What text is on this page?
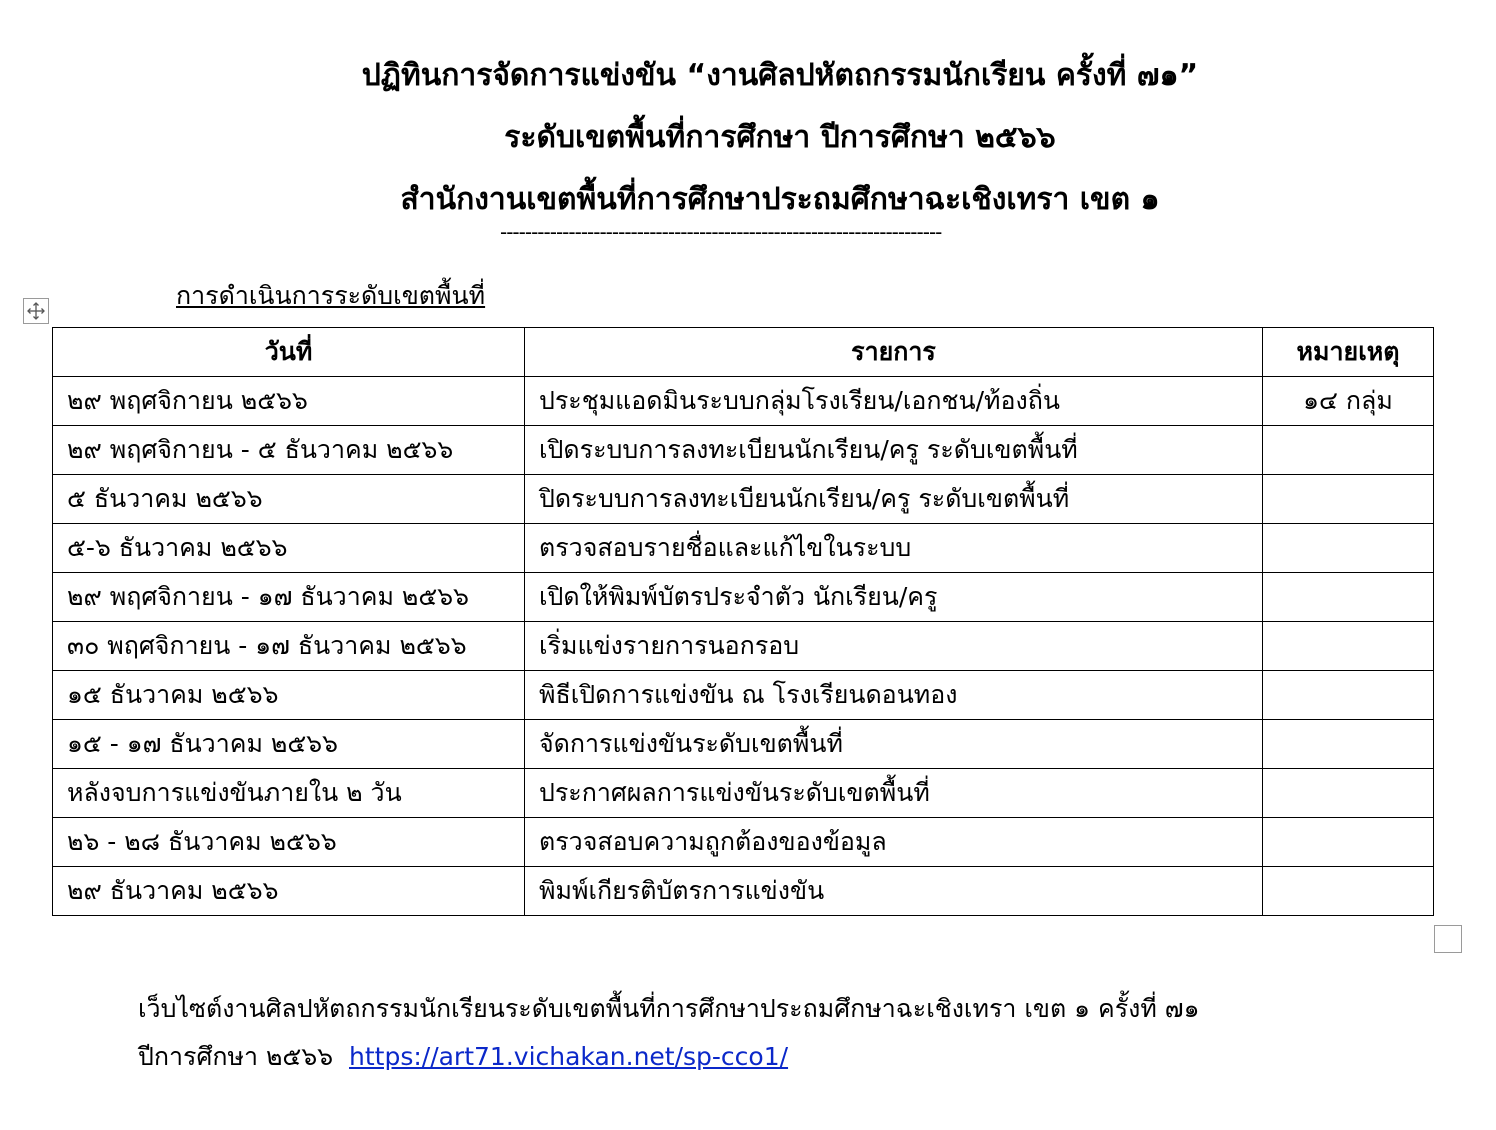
ปฏิทินการจัดการแข่งขัน “งานศิลปหัตถกรรมนักเรียน ครั้งที่ ๗๑”
ระดับเขตพื้นที่การศึกษา ปีการศึกษา ๒๕๖๖
สำนักงานเขตพื้นที่การศึกษาประถมศึกษาฉะเชิงเทรา เขต ๑
-----------------------------------------------------------------------
การดำเนินการระดับเขตพื้นที่
วันที่	รายการ	หมายเหตุ
๒๙ พฤศจิกายน ๒๕๖๖	ประชุมแอดมินระบบกลุ่มโรงเรียน/เอกชน/ท้องถิ่น	๑๔ กลุ่ม
๒๙ พฤศจิกายน - ๕ ธันวาคม ๒๕๖๖	เปิดระบบการลงทะเบียนนักเรียน/ครู ระดับเขตพื้นที่	
๕ ธันวาคม ๒๕๖๖	ปิดระบบการลงทะเบียนนักเรียน/ครู ระดับเขตพื้นที่	
๕-๖ ธันวาคม ๒๕๖๖	ตรวจสอบรายชื่อและแก้ไขในระบบ	
๒๙ พฤศจิกายน - ๑๗ ธันวาคม ๒๕๖๖	เปิดให้พิมพ์บัตรประจำตัว นักเรียน/ครู	
๓๐ พฤศจิกายน - ๑๗ ธันวาคม ๒๕๖๖	เริ่มแข่งรายการนอกรอบ	
๑๕ ธันวาคม ๒๕๖๖	พิธีเปิดการแข่งขัน ณ โรงเรียนดอนทอง	
๑๕ - ๑๗ ธันวาคม ๒๕๖๖	จัดการแข่งขันระดับเขตพื้นที่	
หลังจบการแข่งขันภายใน ๒ วัน	ประกาศผลการแข่งขันระดับเขตพื้นที่	
๒๖ - ๒๘ ธันวาคม ๒๕๖๖	ตรวจสอบความถูกต้องของข้อมูล	
๒๙ ธันวาคม ๒๕๖๖	พิมพ์เกียรติบัตรการแข่งขัน	
เว็บไซต์งานศิลปหัตถกรรมนักเรียนระดับเขตพื้นที่การศึกษาประถมศึกษาฉะเชิงเทรา เขต ๑ ครั้งที่ ๗๑
ปีการศึกษา ๒๕๖๖ https://art71.vichakan.net/sp-cco1/
